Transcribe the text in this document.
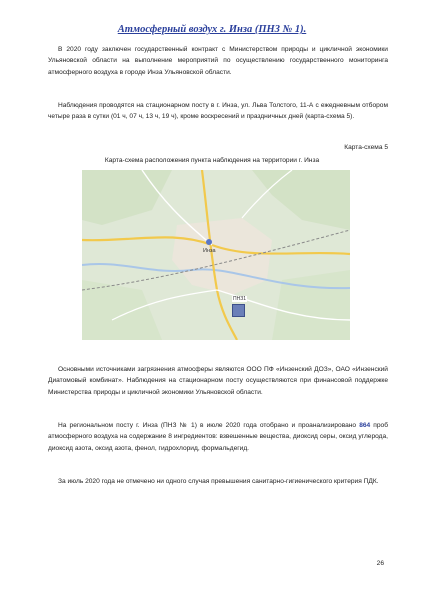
Атмосферный воздух г. Инза (ПНЗ № 1).
В 2020 году заключен государственный контракт с Министерством природы и цикличной экономики Ульяновской области на выполнение мероприятий по осуществлению государственного мониторинга атмосферного воздуха в городе Инза Ульяновской области.
Наблюдения проводятся на стационарном посту в г. Инза, ул. Льва Толстого, 11-А с ежедневным отбором четыре раза в сутки (01 ч, 07 ч, 13 ч, 19 ч), кроме воскресений и праздничных дней (карта-схема 5).
Карта-схема 5
Карта-схема расположения пункта наблюдения на территории г. Инза
Инза
ПНЗ1
Основными источниками загрязнения атмосферы являются ООО ПФ «Инзенский ДОЗ», ОАО «Инзенский Диатомовый комбинат». Наблюдения на стационарном посту осуществляются при финансовой поддержке Министерства природы и цикличной экономики Ульяновской области.
На региональном посту г. Инза (ПНЗ № 1) в июле 2020 года отобрано и проанализировано 864 проб атмосферного воздуха на содержание 8 ингредиентов: взвешенные вещества, диоксид серы, оксид углерода, диоксид азота, оксид азота, фенол, гидрохлорид, формальдегид.
За июль 2020 года не отмечено ни одного случая превышения санитарно-гигиенического критерия ПДК.
26
